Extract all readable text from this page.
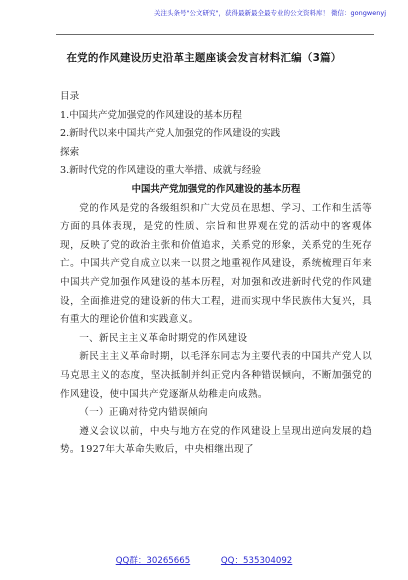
关注头条号"公文研究"，获得最新最全最专业的公文资料库！ 微信：gongwenyj
在党的作风建设历史沿革主题座谈会发言材料汇编（3篇）

目录

1.中国共产党加强党的作风建设的基本历程

2.新时代以来中国共产党人加强党的作风建设的实践

探索

3.新时代党的作风建设的重大举措、成就与经验

中国共产党加强党的作风建设的基本历程

党的作风是党的各级组织和广大党员在思想、学习、工作和生活等方面的具体表现，是党的性质、宗旨和世界观在党的活动中的客观体现，反映了党的政治主张和价值追求，关系党的形象，关系党的生死存亡。中国共产党自成立以来一以贯之地重视作风建设，系统梳理百年来中国共产党加强作风建设的基本历程，对加强和改进新时代党的作风建设，全面推进党的建设新的伟大工程，进而实现中华民族伟大复兴，具有重大的理论价值和实践意义。

一、新民主主义革命时期党的作风建设

新民主主义革命时期，以毛泽东同志为主要代表的中国共产党人以马克思主义的态度，坚决抵制并纠正党内各种错误倾向，不断加强党的作风建设，使中国共产党逐渐从幼稚走向成熟。

（一）正确对待党内错误倾向

遵义会议以前，中央与地方在党的作风建设上呈现出逆向发展的趋势。1927年大革命失败后，中央相继出现了

QQ群：30265665	QQ：535304092
